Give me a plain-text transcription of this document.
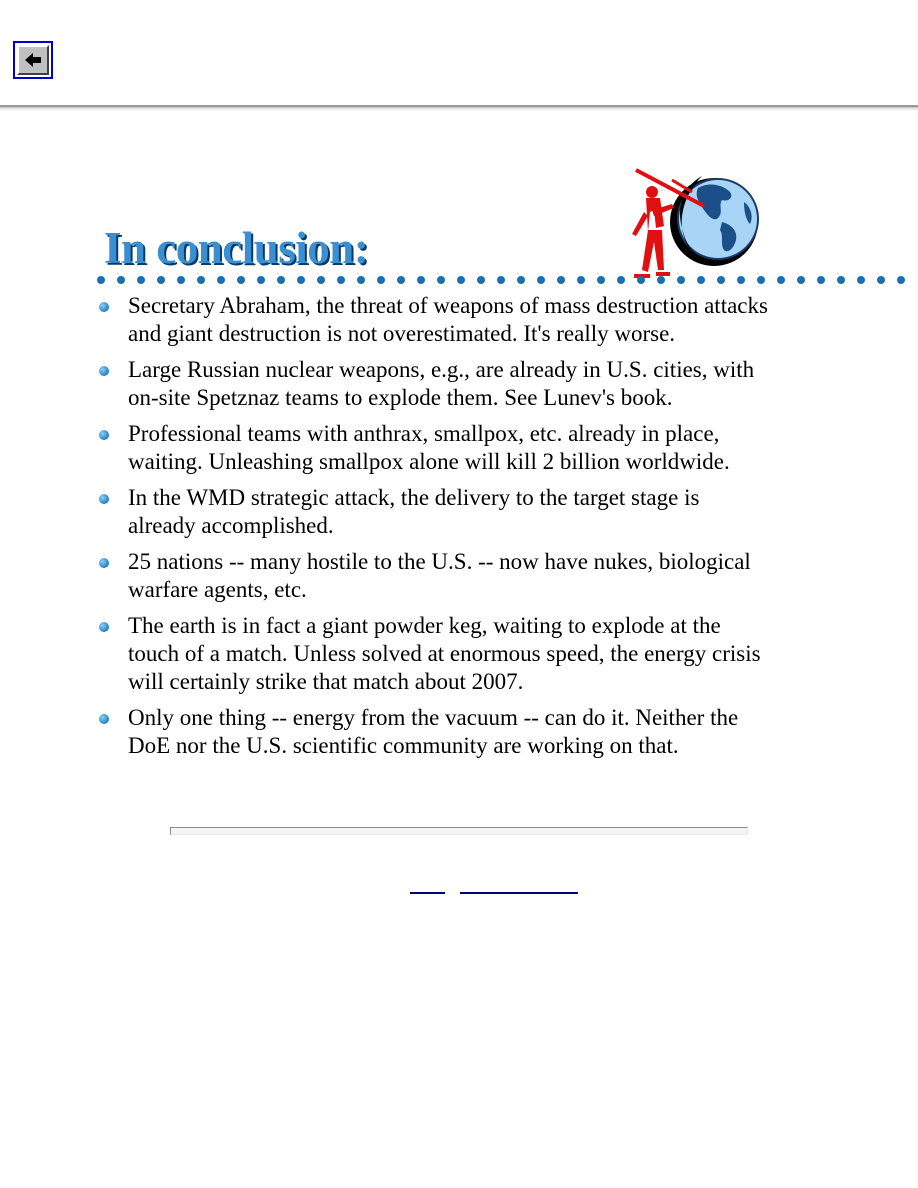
In conclusion:
Secretary Abraham, the threat of weapons of mass destruction attacks
and giant destruction is not overestimated. It's really worse.
Large Russian nuclear weapons, e.g., are already in U.S. cities, with
on-site Spetznaz teams to explode them. See Lunev's book.
Professional teams with anthrax, smallpox, etc. already in place,
waiting. Unleashing smallpox alone will kill 2 billion worldwide.
In the WMD strategic attack, the delivery to the target stage is
already accomplished.
25 nations -- many hostile to the U.S. -- now have nukes, biological
warfare agents, etc.
The earth is in fact a giant powder keg, waiting to explode at the
touch of a match. Unless solved at enormous speed, the energy crisis
will certainly strike that match about 2007.
Only one thing -- energy from the vacuum -- can do it. Neither the
DoE nor the U.S. scientific community are working on that.
